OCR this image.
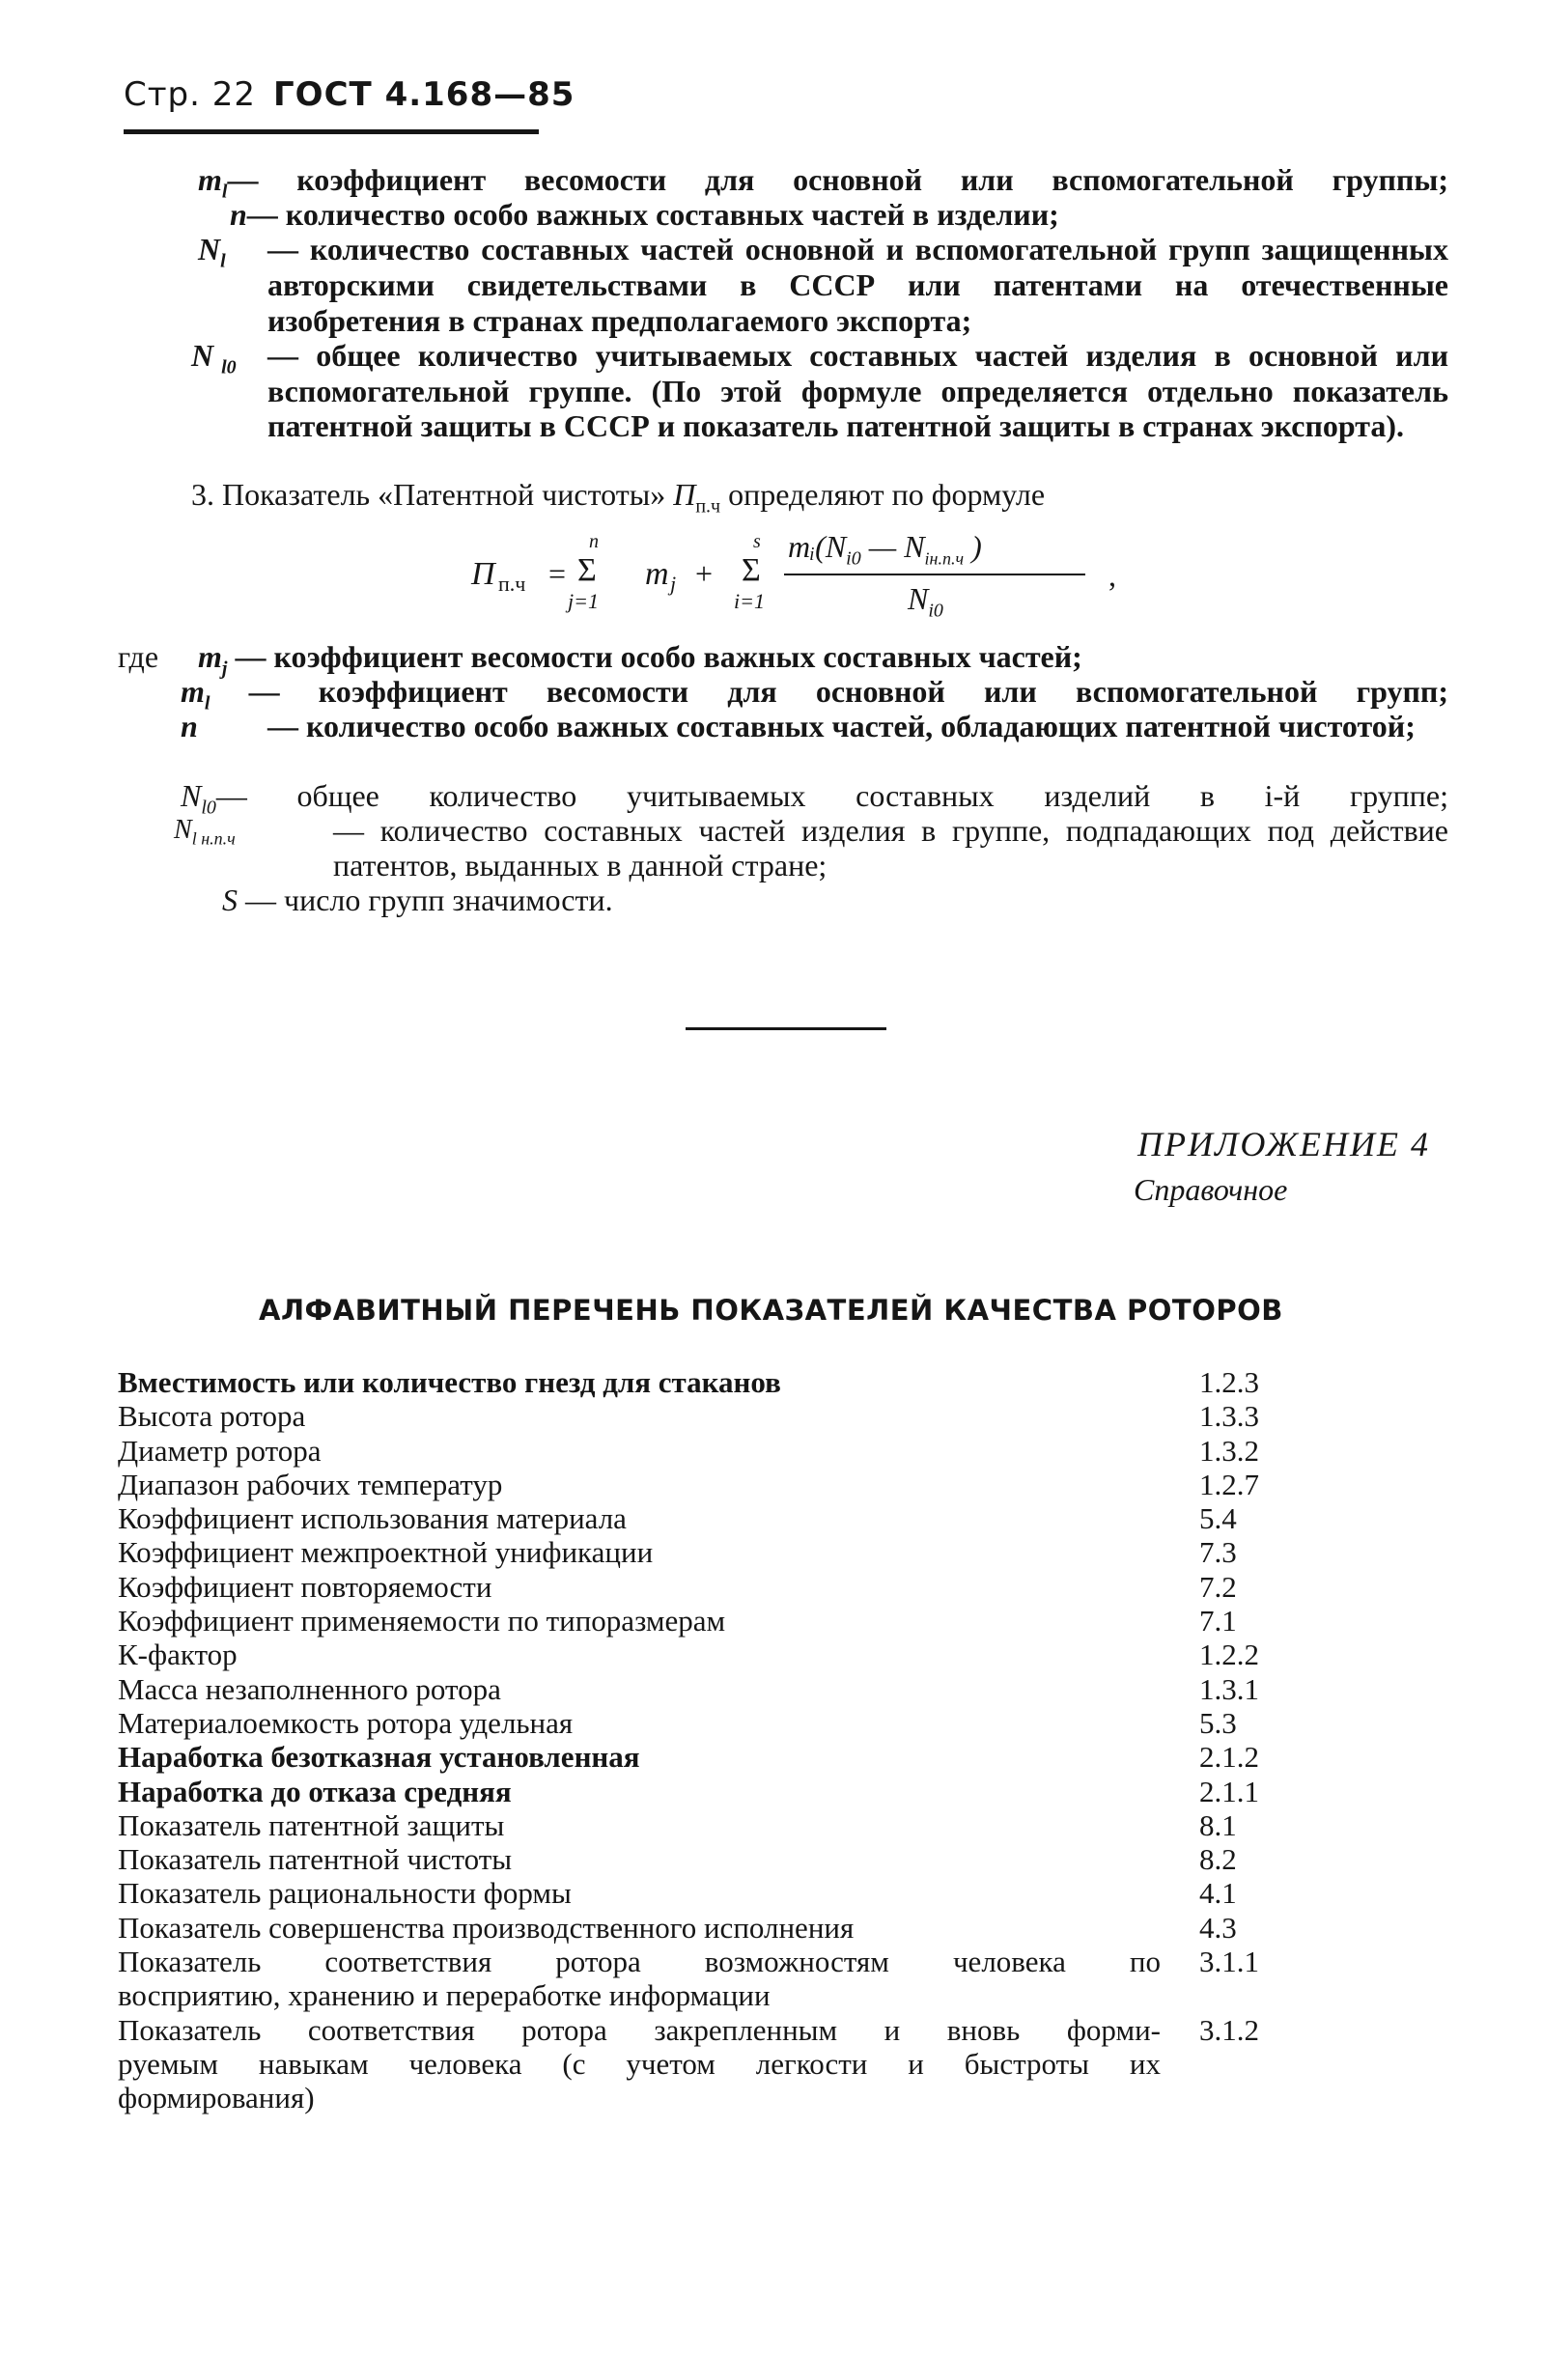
Стр. 22 ГОСТ 4.168—85
$m_l—$ коэффициент весомости для основной или вспомогательной группы;
n— количество особо важных составных частей в изделии;
$N_l$ — количество составных частей основной и вспомогательной групп защищенных авторскими свидетельствами в СССР или патентами на отечественные изобретения в странах предполагаемого экспорта;
N $_{l0}$ — общее количество учитываемых составных частей изделия в основной или вспомогательной группе. (По этой формуле определяется отдельно показатель патентной защиты в СССР и показатель патентной защиты в странах экспорта).
3. Показатель «Патентной чистоты» $П_{п.ч}$ определяют по формуле
П п.ч =
n
Σ
j=1
m j +
s
Σ
i=1
$mᵢ(N_{i0}$ — $N_{iн.п.ч}$ )
$N_{i0}$
,
где $m_j$ — коэффициент весомости особо важных составных частей;
$m_l$ — коэффициент весомости для основной или вспомогательной групп;
n — количество особо важных составных частей, обладающих патентной чистотой;
$N_{l0}—$ общее количество учитываемых составных изделий в i-й группе;
$N_{l н.п.ч}$	— количество составных частей изделия в группе, подпадающих под действие патентов, выданных в данной стране;
S — число групп значимости.
ПРИЛОЖЕНИЕ 4
Справочное
АЛФАВИТНЫЙ ПЕРЕЧЕНЬ ПОКАЗАТЕЛЕЙ КАЧЕСТВА РОТОРОВ
Вместимость или количество гнезд для стаканов	1.2.3
Высота ротора	1.3.3
Диаметр ротора	1.3.2
Диапазон рабочих температур	1.2.7
Коэффициент использования материала	5.4
Коэффициент межпроектной унификации	7.3
Коэффициент повторяемости	7.2
Коэффициент применяемости по типоразмерам	7.1
К-фактор	1.2.2
Масса незаполненного ротора	1.3.1
Материалоемкость ротора удельная	5.3
Наработка безотказная установленная	2.1.2
Наработка до отказа средняя	2.1.1
Показатель патентной защиты	8.1
Показатель патентной чистоты	8.2
Показатель рациональности формы	4.1
Показатель совершенства производственного исполнения	4.3
Показатель соответствия ротора возможностям человека по	3.1.1
восприятию, хранению и переработке информации
Показатель соответствия ротора закрепленным и вновь форми-	3.1.2
руемым навыкам человека (с учетом легкости и быстроты их
формирования)
